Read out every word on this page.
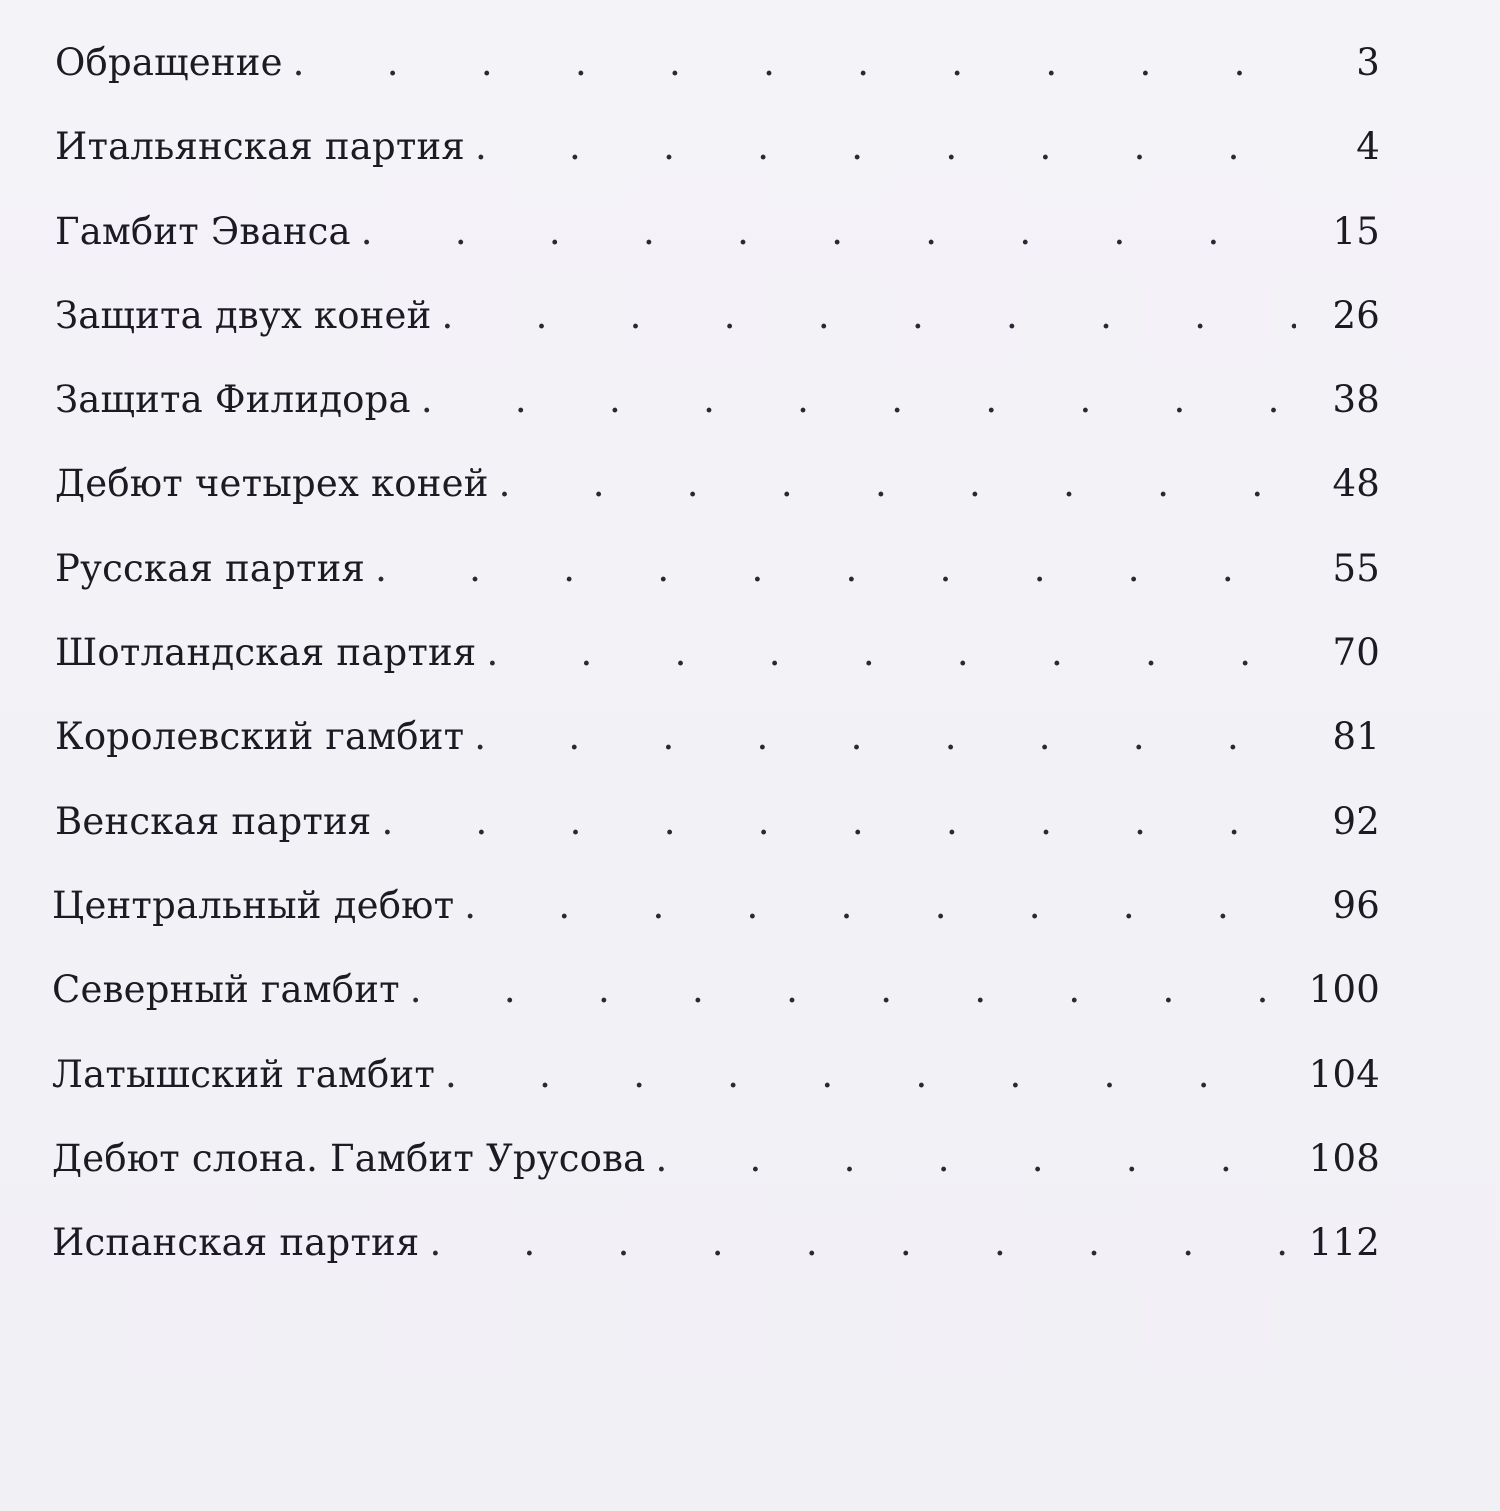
Обращение .	3
Итальянская партия .	4
Гамбит Эванса .	15
Защита двух коней .	26
Защита Филидора .	38
Дебют четырех коней .	48
Русская партия .	55
Шотландская партия .	70
Королевский гамбит .	81
Венская партия .	92
Центральный дебют .	96
Северный гамбит .	100
Латышский гамбит .	104
Дебют слона. Гамбит Урусова .	108
Испанская партия .	112
